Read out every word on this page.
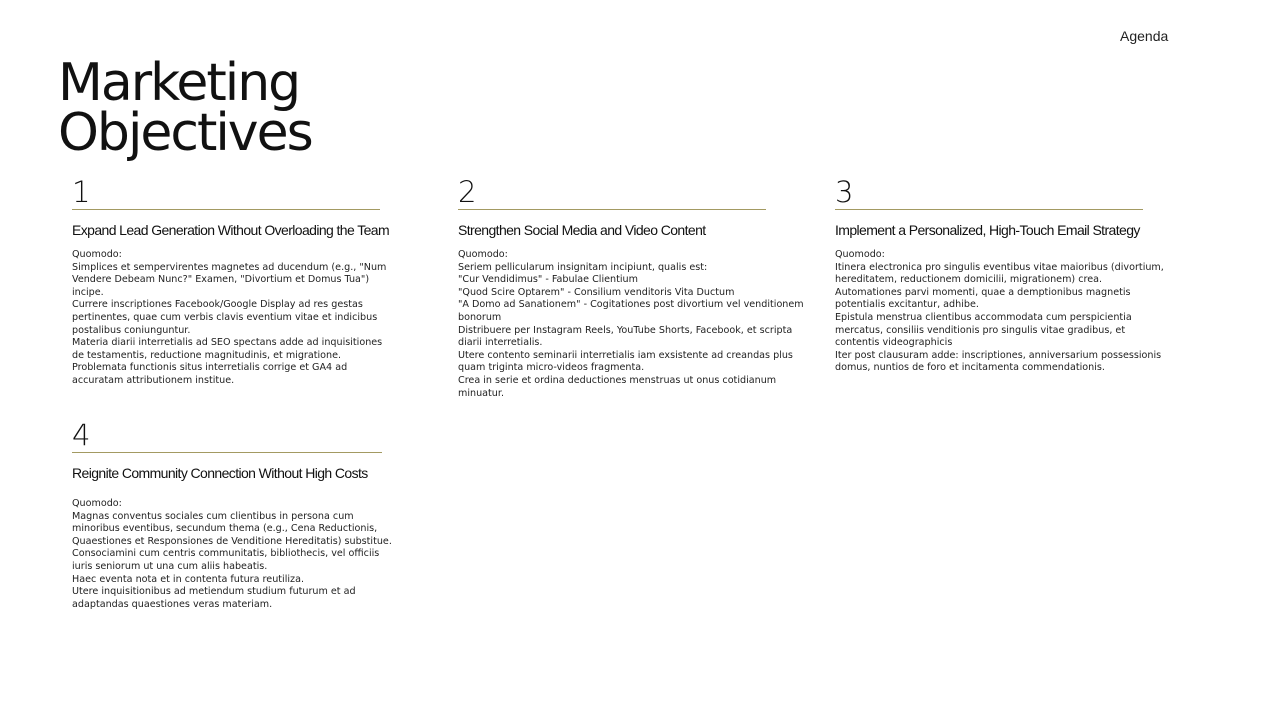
Agenda
Marketing
Objectives
1
Expand Lead Generation Without Overloading the Team
Quomodo:
Simplices et sempervirentes magnetes ad ducendum (e.g., "Num Vendere Debeam Nunc?" Examen, "Divortium et Domus Tua") incipe.
Currere inscriptiones Facebook/Google Display ad res gestas pertinentes, quae cum verbis clavis eventium vitae et indicibus postalibus coniunguntur.
Materia diarii interretialis ad SEO spectans adde ad inquisitiones de testamentis, reductione magnitudinis, et migratione.
Problemata functionis situs interretialis corrige et GA4 ad accuratam attributionem institue.
2
Strengthen Social Media and Video Content
Quomodo:
Seriem pellicularum insignitam incipiunt, qualis est:
"Cur Vendidimus" - Fabulae Clientium
"Quod Scire Optarem" - Consilium venditoris Vita Ductum
"A Domo ad Sanationem" - Cogitationes post divortium vel venditionem bonorum
Distribuere per Instagram Reels, YouTube Shorts, Facebook, et scripta diarii interretialis.
Utere contento seminarii interretialis iam exsistente ad creandas plus quam triginta micro-videos fragmenta.
Crea in serie et ordina deductiones menstruas ut onus cotidianum minuatur.
3
Implement a Personalized, High-Touch Email Strategy
Quomodo:
Itinera electronica pro singulis eventibus vitae maioribus (divortium, hereditatem, reductionem domicilii, migrationem) crea.
Automationes parvi momenti, quae a demptionibus magnetis potentialis excitantur, adhibe.
Epistula menstrua clientibus accommodata cum perspicientia mercatus, consiliis venditionis pro singulis vitae gradibus, et contentis videographicis
Iter post clausuram adde: inscriptiones, anniversarium possessionis domus, nuntios de foro et incitamenta commendationis.
4
Reignite Community Connection Without High Costs
Quomodo:
Magnas conventus sociales cum clientibus in persona cum minoribus eventibus, secundum thema (e.g., Cena Reductionis, Quaestiones et Responsiones de Venditione Hereditatis) substitue.
Consociamini cum centris communitatis, bibliothecis, vel officiis iuris seniorum ut una cum aliis habeatis.
Haec eventa nota et in contenta futura reutiliza.
Utere inquisitionibus ad metiendum studium futurum et ad adaptandas quaestiones veras materiam.
